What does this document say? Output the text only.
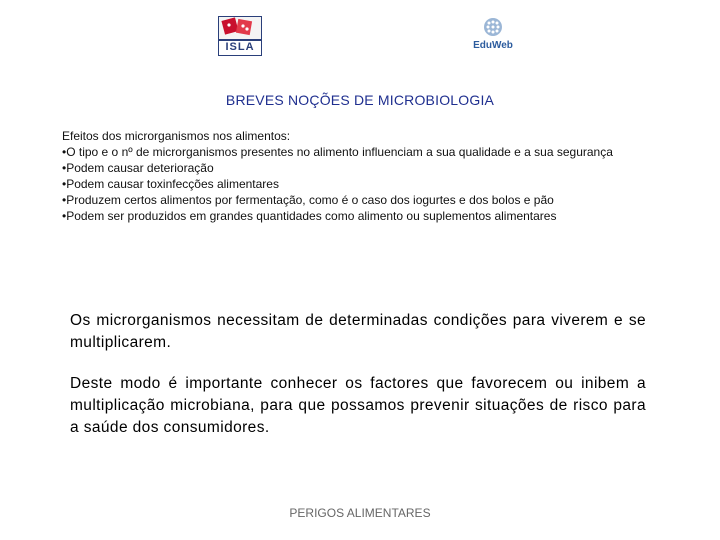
ISLA	EduWeb
BREVES NOÇÕES DE MICROBIOLOGIA
Efeitos dos microrganismos nos alimentos:
•O tipo e o nº de microrganismos presentes no alimento influenciam a sua qualidade e a sua segurança
•Podem causar deterioração
•Podem causar toxinfecções alimentares
•Produzem certos alimentos por fermentação, como é o caso dos iogurtes e dos bolos e pão
•Podem ser produzidos em grandes quantidades como alimento ou suplementos alimentares
Os microrganismos necessitam de determinadas condições para viverem e se multiplicarem.
Deste modo é importante conhecer os factores que favorecem ou inibem a multiplicação microbiana, para que possamos prevenir situações de risco para a saúde dos consumidores.
PERIGOS ALIMENTARES
